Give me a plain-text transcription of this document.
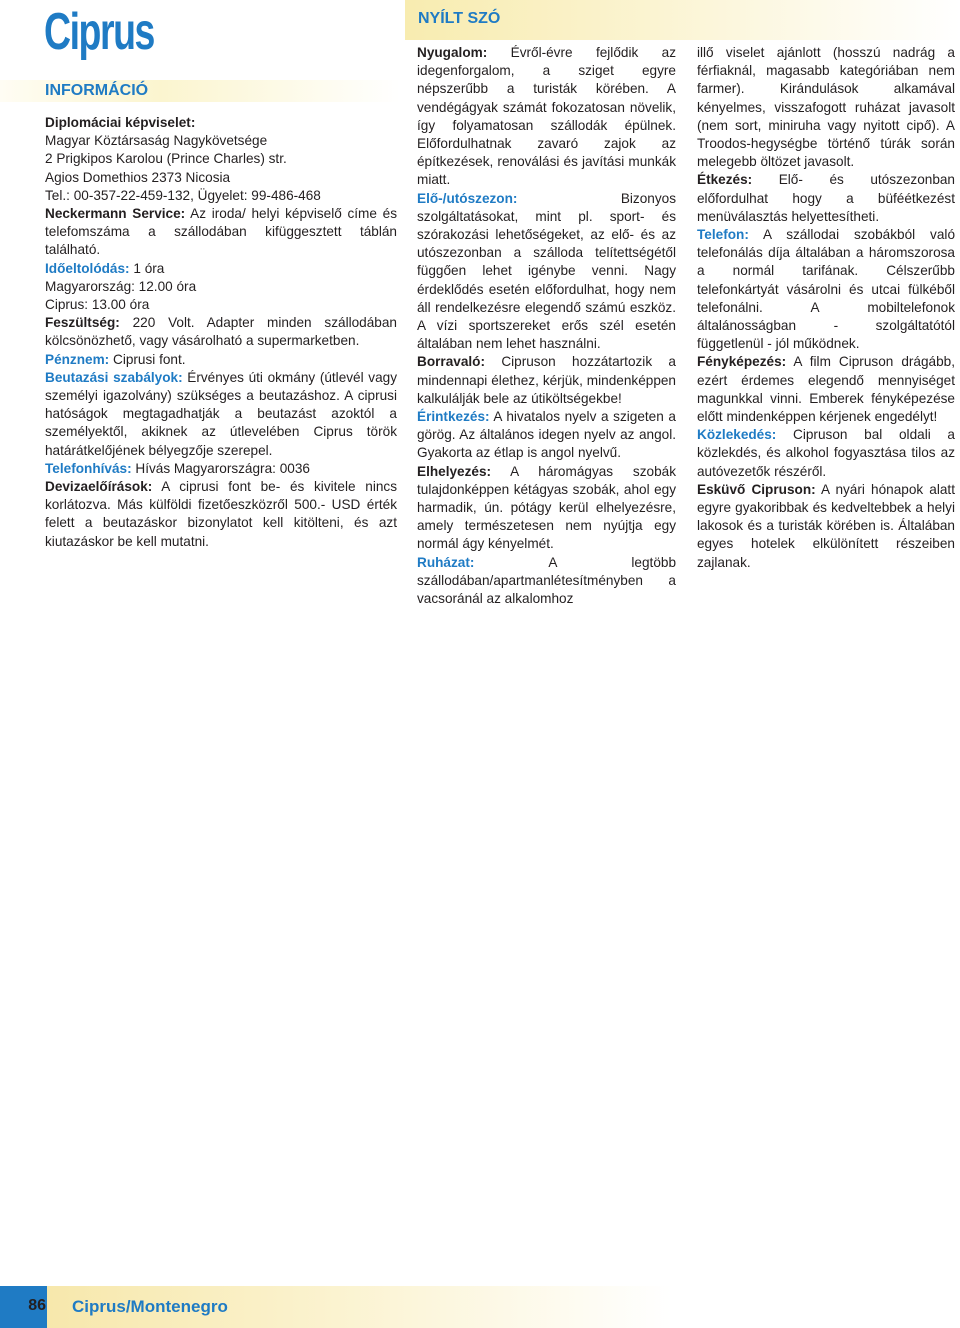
Ciprus
INFORMÁCIÓ
NYÍLT SZÓ

Diplomáciai képviselet:

Magyar Köztársaság Nagykövetsége

2 Prigkipos Karolou (Prince Charles) str.

Agios Domethios 2373 Nicosia

Tel.: 00-357-22-459-132, Ügyelet: 99-486-468

Neckermann Service: Az iroda/ helyi képviselő címe és telefomszáma a szállodában kifüggesztett táblán található.

Időeltolódás: 1 óra

Magyarország: 12.00 óra

Ciprus: 13.00 óra

Feszültség: 220 Volt. Adapter minden szállodában kölcsönözhető, vagy vásárolható a supermarketben.

Pénznem: Ciprusi font.

Beutazási szabályok: Érvényes úti okmány (útlevél vagy személyi igazolvány) szükséges a beutazáshoz. A ciprusi hatóságok megtagadhatják a beutazást azoktól a személyektől, akiknek az útlevelében Ciprus török határátkelőjének bélyegzője szerepel.

Telefonhívás: Hívás Magyarországra: 0036

Devizaelőírások: A ciprusi font be- és kivitele nincs korlátozva. Más külföldi fizetőeszközről 500.- USD érték felett a beutazáskor bizonylatot kell kitölteni, és azt kiutazáskor be kell mutatni.

Nyugalom: Évről-évre fejlődik az idegenforgalom, a sziget egyre népszerűbb a turisták körében. A vendégágyak számát fokozatosan növelik, így folyamatosan szállodák épülnek. Előfordulhatnak zavaró zajok az építkezések, renoválási és javítási munkák miatt.

Elő-/utószezon: Bizonyos szolgáltatásokat, mint pl. sport- és szórakozási lehetőségeket, az elő- és az utószezonban a szálloda telítettségétől függően lehet igénybe venni. Nagy érdeklődés esetén előfordulhat, hogy nem áll rendelkezésre elegendő számú eszköz. A vízi sportszereket erős szél esetén általában nem lehet használni.

Borravaló: Cipruson hozzátartozik a mindennapi élethez, kérjük, mindenképpen kalkulálják bele az útiköltségekbe!

Érintkezés: A hivatalos nyelv a szigeten a görög. Az általános idegen nyelv az angol. Gyakorta az étlap is angol nyelvű.

Elhelyezés: A háromágyas szobák tulajdonképpen kétágyas szobák, ahol egy harmadik, ún. pótágy kerül elhelyezésre, amely természetesen nem nyújtja egy normál ágy kényelmét.

Ruházat: A legtöbb szállodában/apartmanlétesítményben a vacsoránál az alkalomhoz

illő viselet ajánlott (hosszú nadrág a férfiaknál, magasabb kategóriában nem farmer). Kirándulások alkamával kényelmes, visszafogott ruházat javasolt (nem sort, miniruha vagy nyitott cipő). A Troodos-hegységbe történő túrák során melegebb öltözet javasolt.

Étkezés: Elő- és utószezonban előfordulhat hogy a büféétkezést menüválasztás helyettesítheti.

Telefon: A szállodai szobákból való telefonálás díja általában a háromszorosa a normál tarifának. Célszerűbb telefonkártyát vásárolni és utcai fülkéből telefonálni. A mobiltelefonok általánosságban - szolgáltatótól függetlenül - jól működnek.

Fényképezés: A film Cipruson drágább, ezért érdemes elegendő mennyiséget magunkkal vinni. Emberek fényképezése előtt mindenképpen kérjenek engedélyt!

Közlekedés: Cipruson bal oldali a közlekdés, és alkohol fogyasztása tilos az autóvezetők részéről.

Esküvő Cipruson: A nyári hónapok alatt egyre gyakoribbak és kedveltebbek a helyi lakosok és a turisták körében is. Általában egyes hotelek elkülönített részeiben zajlanak.

86 Ciprus/Montenegro
